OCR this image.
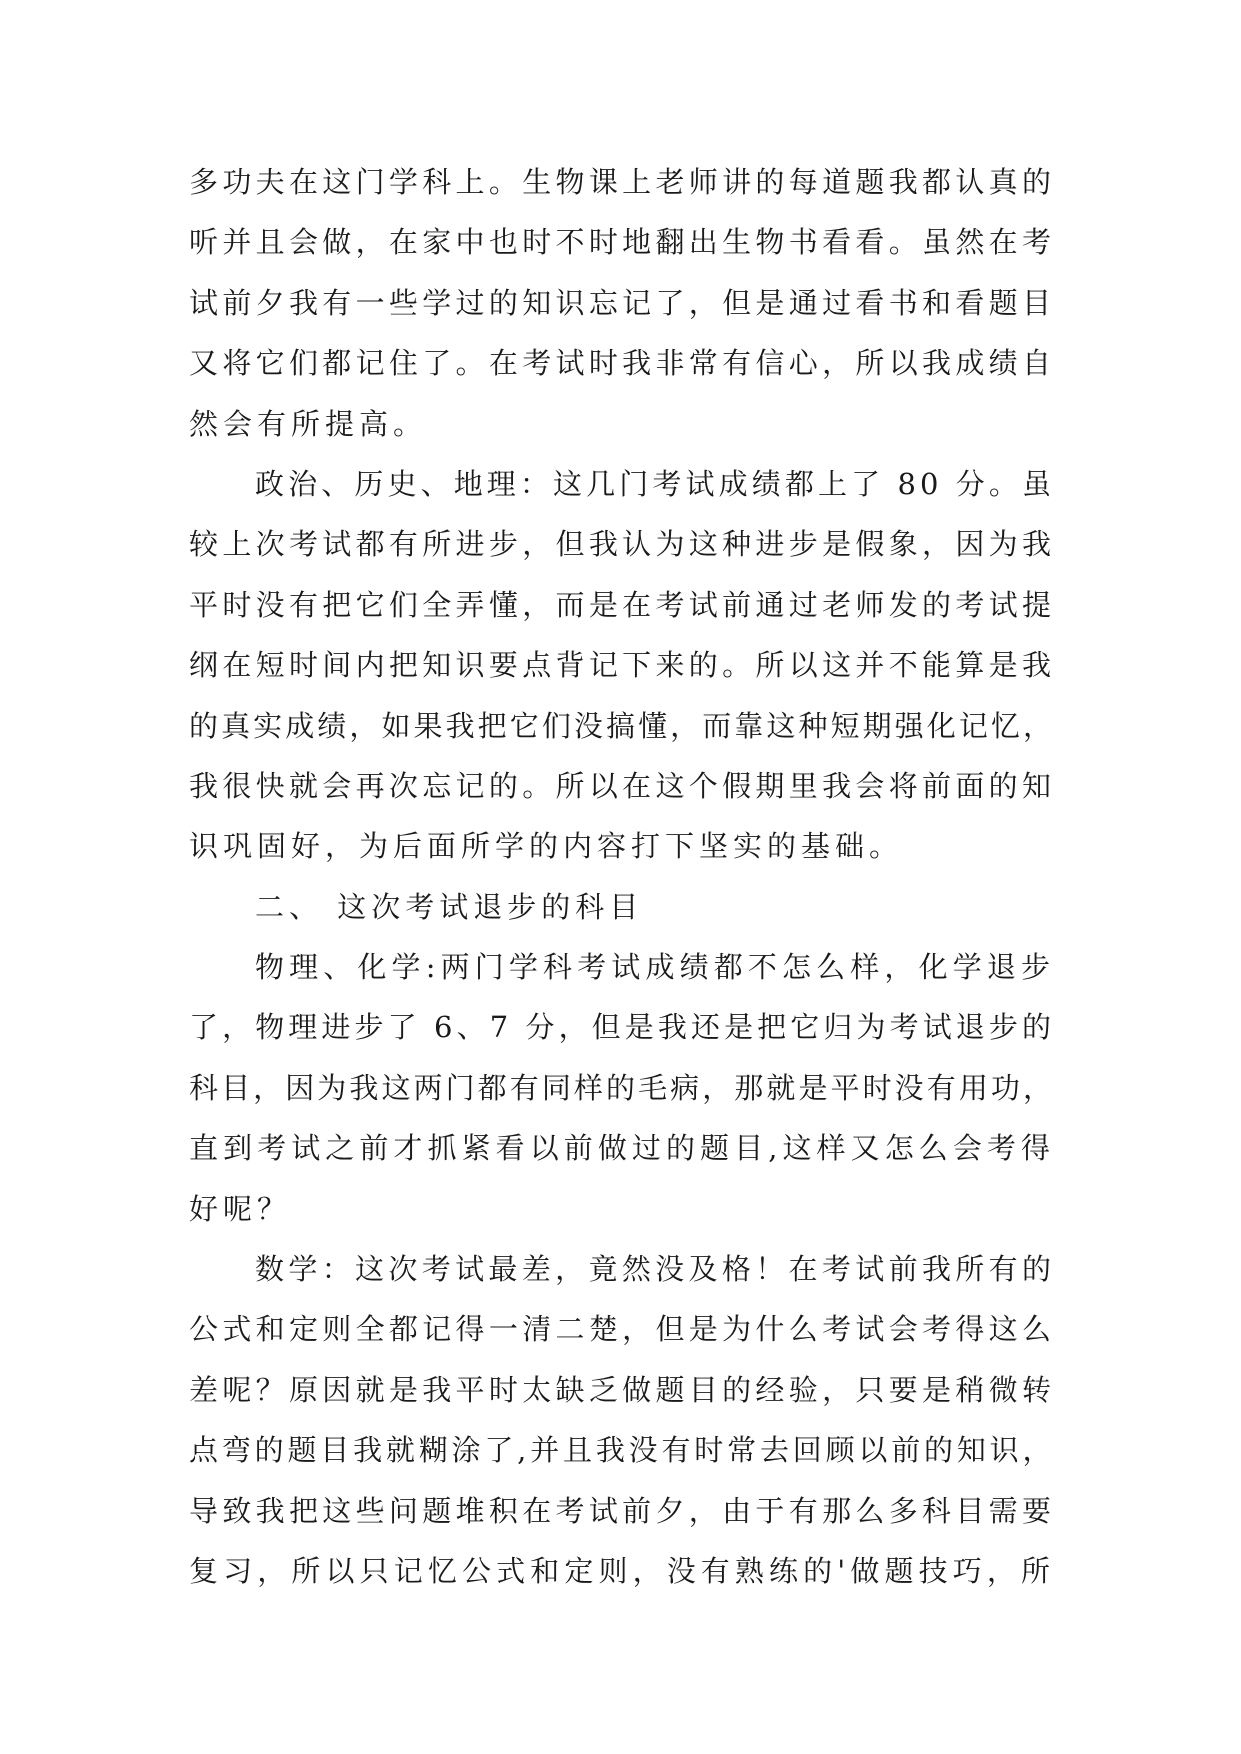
多功夫在这门学科上。生物课上老师讲的每道题我都认真的
听并且会做，在家中也时不时地翻出生物书看看。虽然在考
试前夕我有一些学过的知识忘记了，但是通过看书和看题目
又将它们都记住了。在考试时我非常有信心，所以我成绩自
然会有所提高。
政治、历史、地理：这几门考试成绩都上了 80 分。虽
较上次考试都有所进步，但我认为这种进步是假象，因为我
平时没有把它们全弄懂，而是在考试前通过老师发的考试提
纲在短时间内把知识要点背记下来的。所以这并不能算是我
的真实成绩，如果我把它们没搞懂，而靠这种短期强化记忆，
我很快就会再次忘记的。所以在这个假期里我会将前面的知
识巩固好，为后面所学的内容打下坚实的基础。
二、 这次考试退步的科目
物理、化学:两门学科考试成绩都不怎么样，化学退步
了，物理进步了 6、7 分，但是我还是把它归为考试退步的
科目，因为我这两门都有同样的毛病，那就是平时没有用功，
直到考试之前才抓紧看以前做过的题目,这样又怎么会考得
好呢？
数学：这次考试最差，竟然没及格！在考试前我所有的
公式和定则全都记得一清二楚，但是为什么考试会考得这么
差呢？原因就是我平时太缺乏做题目的经验，只要是稍微转
点弯的题目我就糊涂了,并且我没有时常去回顾以前的知识，
导致我把这些问题堆积在考试前夕，由于有那么多科目需要
复习，所以只记忆公式和定则，没有熟练的'做题技巧，所
